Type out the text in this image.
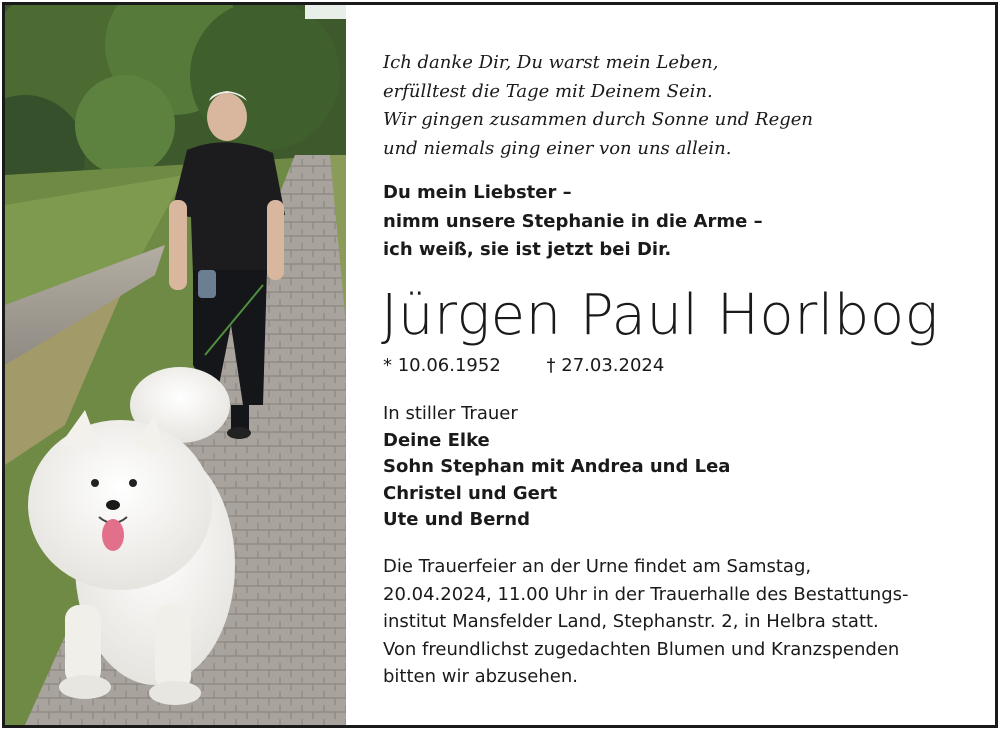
Ich danke Dir, Du warst mein Leben,
erfülltest die Tage mit Deinem Sein.
Wir gingen zusammen durch Sonne und Regen
und niemals ging einer von uns allein.
Du mein Liebster –
nimm unsere Stephanie in die Arme –
ich weiß, sie ist jetzt bei Dir.
Jürgen Paul Horlbog
* 10.06.1952	† 27.03.2024
In stiller Trauer
Deine Elke
Sohn Stephan mit Andrea und Lea
Christel und Gert
Ute und Bernd
Die Trauerfeier an der Urne findet am Samstag,
20.04.2024, 11.00 Uhr in der Trauerhalle des Bestattungs-
institut Mansfelder Land, Stephanstr. 2, in Helbra statt.
Von freundlichst zugedachten Blumen und Kranzspenden
bitten wir abzusehen.
